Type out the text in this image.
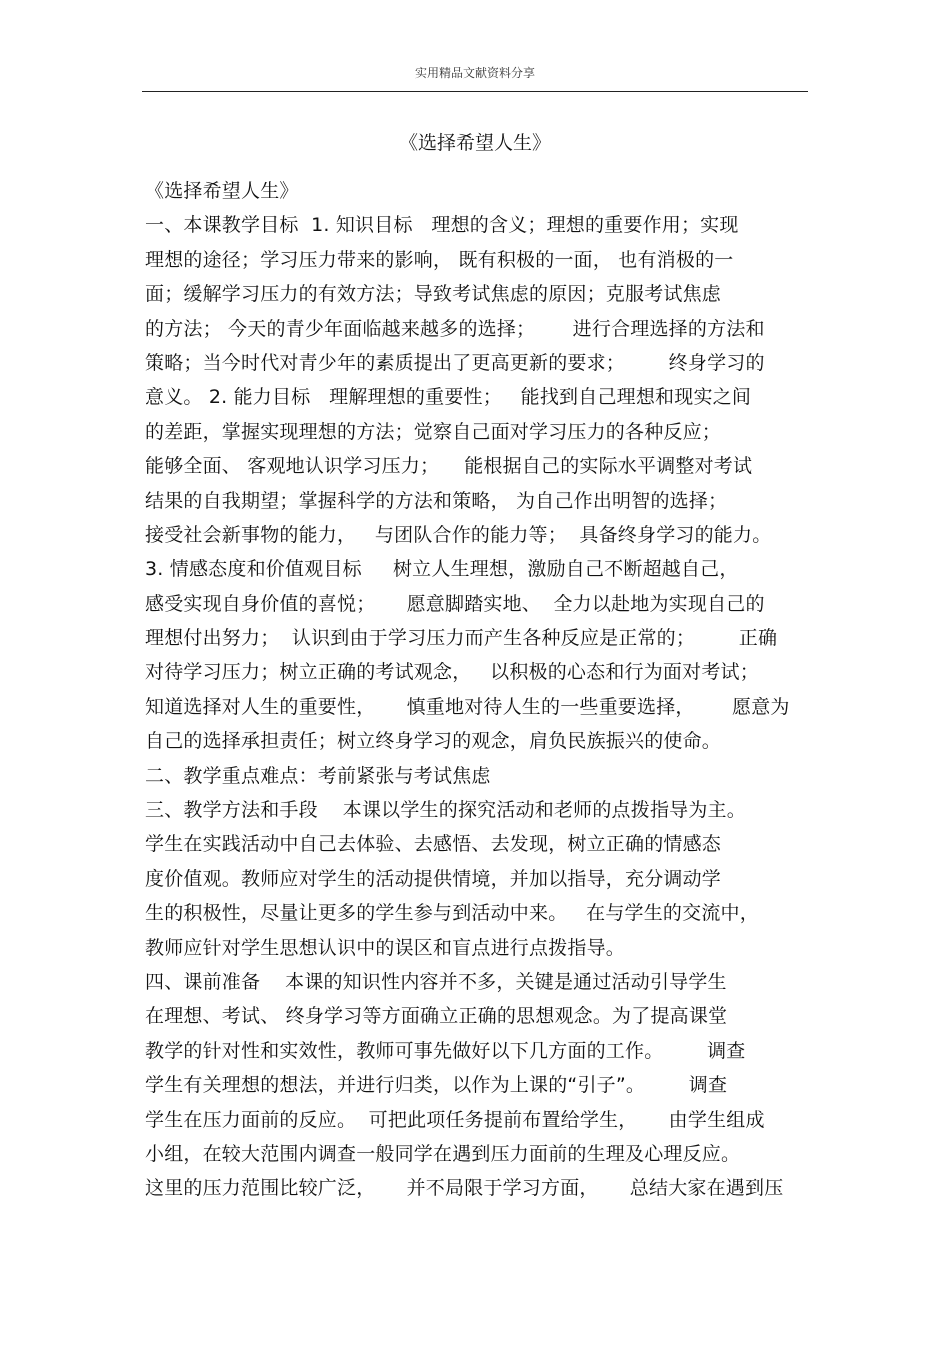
实用精品文献资料分享
《选择希望人生》
《选择希望人生》
一、本课教学目标  1. 知识目标   理想的含义；理想的重要作用；实现
理想的途径；学习压力带来的影响， 既有积极的一面， 也有消极的一
面；缓解学习压力的有效方法；导致考试焦虑的原因；克服考试焦虑
的方法； 今天的青少年面临越来越多的选择；      进行合理选择的方法和
策略；当今时代对青少年的素质提出了更高更新的要求；       终身学习的
意义。 2. 能力目标   理解理想的重要性；   能找到自己理想和现实之间
的差距，掌握实现理想的方法；觉察自己面对学习压力的各种反应；
能够全面、 客观地认识学习压力；    能根据自己的实际水平调整对考试
结果的自我期望；掌握科学的方法和策略， 为自己作出明智的选择；
接受社会新事物的能力，   与团队合作的能力等；  具备终身学习的能力。
3. 情感态度和价值观目标     树立人生理想，激励自己不断超越自己，
感受实现自身价值的喜悦；     愿意脚踏实地、  全力以赴地为实现自己的
理想付出努力；  认识到由于学习压力而产生各种反应是正常的；       正确
对待学习压力；树立正确的考试观念，   以积极的心态和行为面对考试；
知道选择对人生的重要性，     慎重地对待人生的一些重要选择，      愿意为
自己的选择承担责任；树立终身学习的观念，肩负民族振兴的使命。
二、教学重点难点：考前紧张与考试焦虑
三、教学方法和手段    本课以学生的探究活动和老师的点拨指导为主。
学生在实践活动中自己去体验、去感悟、去发现，树立正确的情感态
度价值观。教师应对学生的活动提供情境，并加以指导，充分调动学
生的积极性，尽量让更多的学生参与到活动中来。   在与学生的交流中，
教师应针对学生思想认识中的误区和盲点进行点拨指导。
四、课前准备    本课的知识性内容并不多，关键是通过活动引导学生
在理想、考试、 终身学习等方面确立正确的思想观念。为了提高课堂
教学的针对性和实效性，教师可事先做好以下几方面的工作。       调查
学生有关理想的想法，并进行归类，以作为上课的“引子”。       调查
学生在压力面前的反应。  可把此项任务提前布置给学生，     由学生组成
小组，在较大范围内调查一般同学在遇到压力面前的生理及心理反应。
这里的压力范围比较广泛，     并不局限于学习方面，     总结大家在遇到压
